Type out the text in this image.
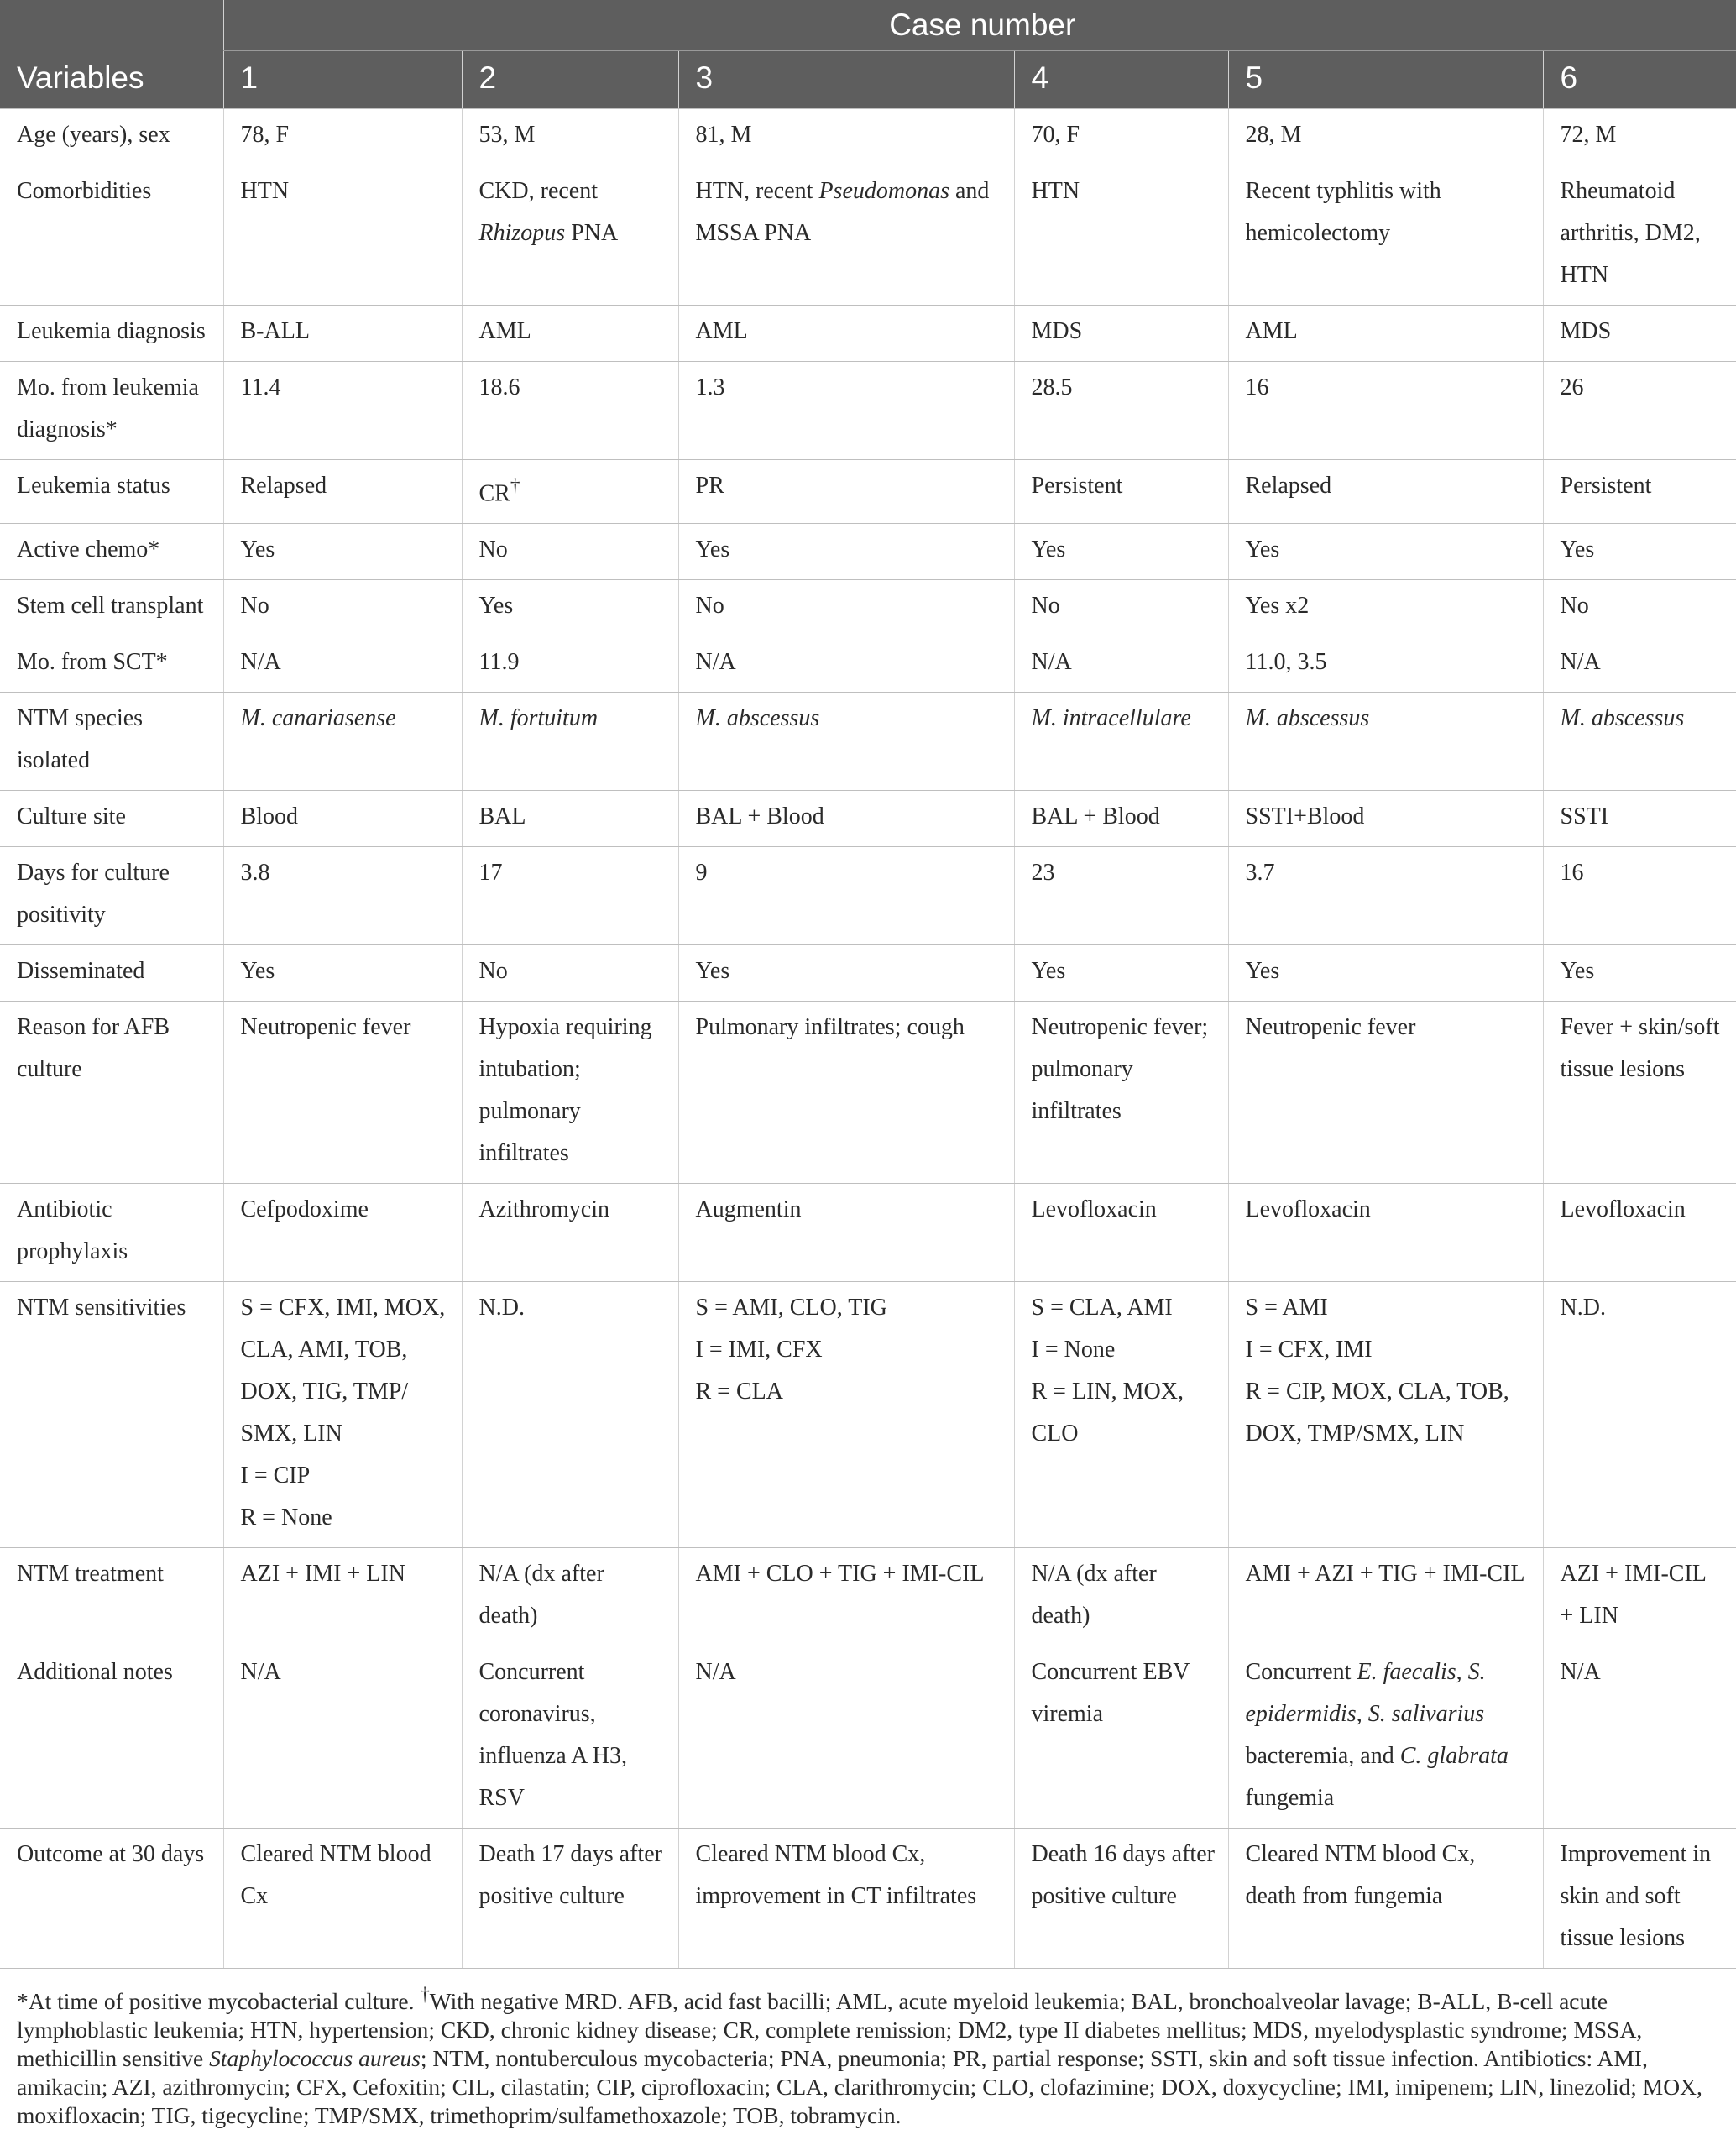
	Case number					
Variables	1	2	3	4	5	6
Age (years), sex	78, F	53, M	81, M	70, F	28, M	72, M
Comorbidities	HTN	CKD, recent Rhizopus PNA	HTN, recent Pseudomonas and MSSA PNA	HTN	Recent typhlitis with hemicolectomy	Rheumatoid arthritis, DM2, HTN
Leukemia diagnosis	B-ALL	AML	AML	MDS	AML	MDS
Mo. from leukemia diagnosis*	11.4	18.6	1.3	28.5	16	26
Leukemia status	Relapsed	CR†	PR	Persistent	Relapsed	Persistent
Active chemo*	Yes	No	Yes	Yes	Yes	Yes
Stem cell transplant	No	Yes	No	No	Yes x2	No
Mo. from SCT*	N/A	11.9	N/A	N/A	11.0, 3.5	N/A
NTM species isolated	M. canariasense	M. fortuitum	M. abscessus	M. intracellulare	M. abscessus	M. abscessus
Culture site	Blood	BAL	BAL + Blood	BAL + Blood	SSTI+Blood	SSTI
Days for culture positivity	3.8	17	9	23	3.7	16
Disseminated	Yes	No	Yes	Yes	Yes	Yes
Reason for AFB culture	Neutropenic fever	Hypoxia requiring intubation; pulmonary infiltrates	Pulmonary infiltrates; cough	Neutropenic fever; pulmonary infiltrates	Neutropenic fever	Fever + skin/soft tissue lesions
Antibiotic prophylaxis	Cefpodoxime	Azithromycin	Augmentin	Levofloxacin	Levofloxacin	Levofloxacin
NTM sensitivities	S = CFX, IMI, MOX, CLA, AMI, TOB, DOX, TIG, TMP/ SMX, LIN
I = CIP
R = None	N.D.	S = AMI, CLO, TIG
I = IMI, CFX
R = CLA	S = CLA, AMI
I = None
R = LIN, MOX, CLO	S = AMI
I = CFX, IMI
R = CIP, MOX, CLA, TOB, DOX, TMP/SMX, LIN	N.D.
NTM treatment	AZI + IMI + LIN	N/A (dx after death)	AMI + CLO + TIG + IMI-CIL	N/A (dx after death)	AMI + AZI + TIG + IMI-CIL	AZI + IMI-CIL + LIN
Additional notes	N/A	Concurrent coronavirus, influenza A H3, RSV	N/A	Concurrent EBV viremia	Concurrent E. faecalis, S. epidermidis, S. salivarius bacteremia, and C. glabrata fungemia	N/A
Outcome at 30 days	Cleared NTM blood Cx	Death 17 days after positive culture	Cleared NTM blood Cx, improvement in CT infiltrates	Death 16 days after positive culture	Cleared NTM blood Cx, death from fungemia	Improvement in skin and soft tissue lesions
*At time of positive mycobacterial culture. †With negative MRD. AFB, acid fast bacilli; AML, acute myeloid leukemia; BAL, bronchoalveolar lavage; B-ALL, B-cell acute lymphoblastic leukemia; HTN, hypertension; CKD, chronic kidney disease; CR, complete remission; DM2, type II diabetes mellitus; MDS, myelodysplastic syndrome; MSSA, methicillin sensitive Staphylococcus aureus; NTM, nontuberculous mycobacteria; PNA, pneumonia; PR, partial response; SSTI, skin and soft tissue infection. Antibiotics: AMI, amikacin; AZI, azithromycin; CFX, Cefoxitin; CIL, cilastatin; CIP, ciprofloxacin; CLA, clarithromycin; CLO, clofazimine; DOX, doxycycline; IMI, imipenem; LIN, linezolid; MOX, moxifloxacin; TIG, tigecycline; TMP/SMX, trimethoprim/sulfamethoxazole; TOB, tobramycin.
